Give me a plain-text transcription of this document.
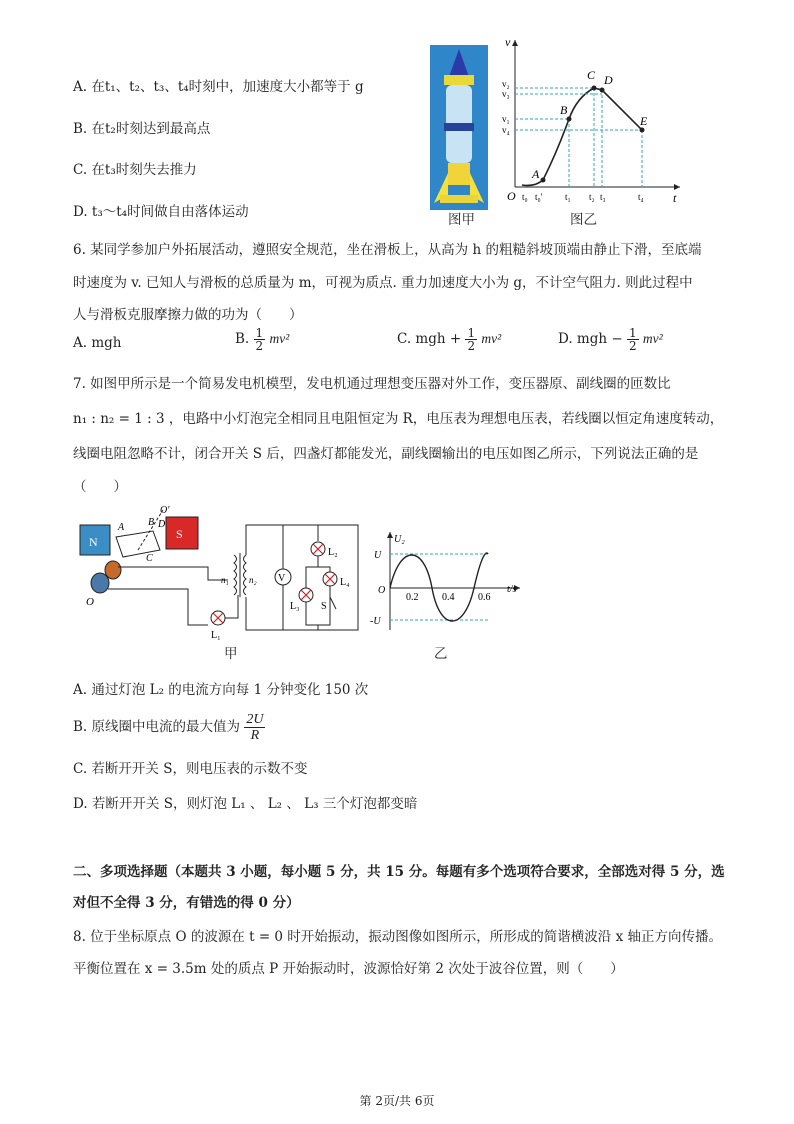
A. 在t₁、t₂、t₃、t₄时刻中，加速度大小都等于 g
B. 在t₂时刻达到最高点
C. 在t₃时刻失去推力
D. t₃～t₄时间做自由落体运动	图甲
v
t
O
A
B
C D
E
v₂
v₃
v₁
v₄
t₀ t₀′ t₁ t₂ t₃	t₄
图乙
6. 某同学参加户外拓展活动，遵照安全规范，坐在滑板上，从高为 h 的粗糙斜坡顶端由静止下滑，至底端
时速度为 v. 已知人与滑板的总质量为 m，可视为质点. 重力加速度大小为 g，不计空气阻力. 则此过程中
人与滑板克服摩擦力做的功为（　　）
A. mgh	B. $\frac{1}{2} mv^2$	C. mgh + $\frac{1}{2} mv^2$	D. mgh − $\frac{1}{2} mv^2$
7. 如图甲所示是一个简易发电机模型，发电机通过理想变压器对外工作，变压器原、副线圈的匝数比
n₁ : n₂ = 1 : 3 ，电路中小灯泡完全相同且电阻恒定为 R，电压表为理想电压表，若线圈以恒定角速度转动，
线圈电阻忽略不计，闭合开关 S 后，四盏灯都能发光，副线圈输出的电压如图乙所示，下列说法正确的是
（　　）
N
S
A B
C
D
O′
O
L₁
n₁ n₂ V
L₂
L₃
L₄
S
甲
U₂
t/s
O
U
-U
0.2 0.4 0.6
乙
A. 通过灯泡 L₂ 的电流方向每 1 分钟变化 150 次
B. 原线圈中电流的最大值为 $\frac{2U}{R}$
C. 若断开开关 S，则电压表的示数不变
D. 若断开开关 S，则灯泡 L₁ 、 L₂ 、 L₃ 三个灯泡都变暗
二、多项选择题（本题共 3 小题，每小题 5 分，共 15 分。每题有多个选项符合要求，全部选对得 5 分，选
对但不全得 3 分，有错选的得 0 分）
8. 位于坐标原点 O 的波源在 t = 0 时开始振动，振动图像如图所示，所形成的简谐横波沿 x 轴正方向传播。
平衡位置在 x = 3.5m 处的质点 P 开始振动时，波源恰好第 2 次处于波谷位置，则（　　）
第 2页/共 6页
